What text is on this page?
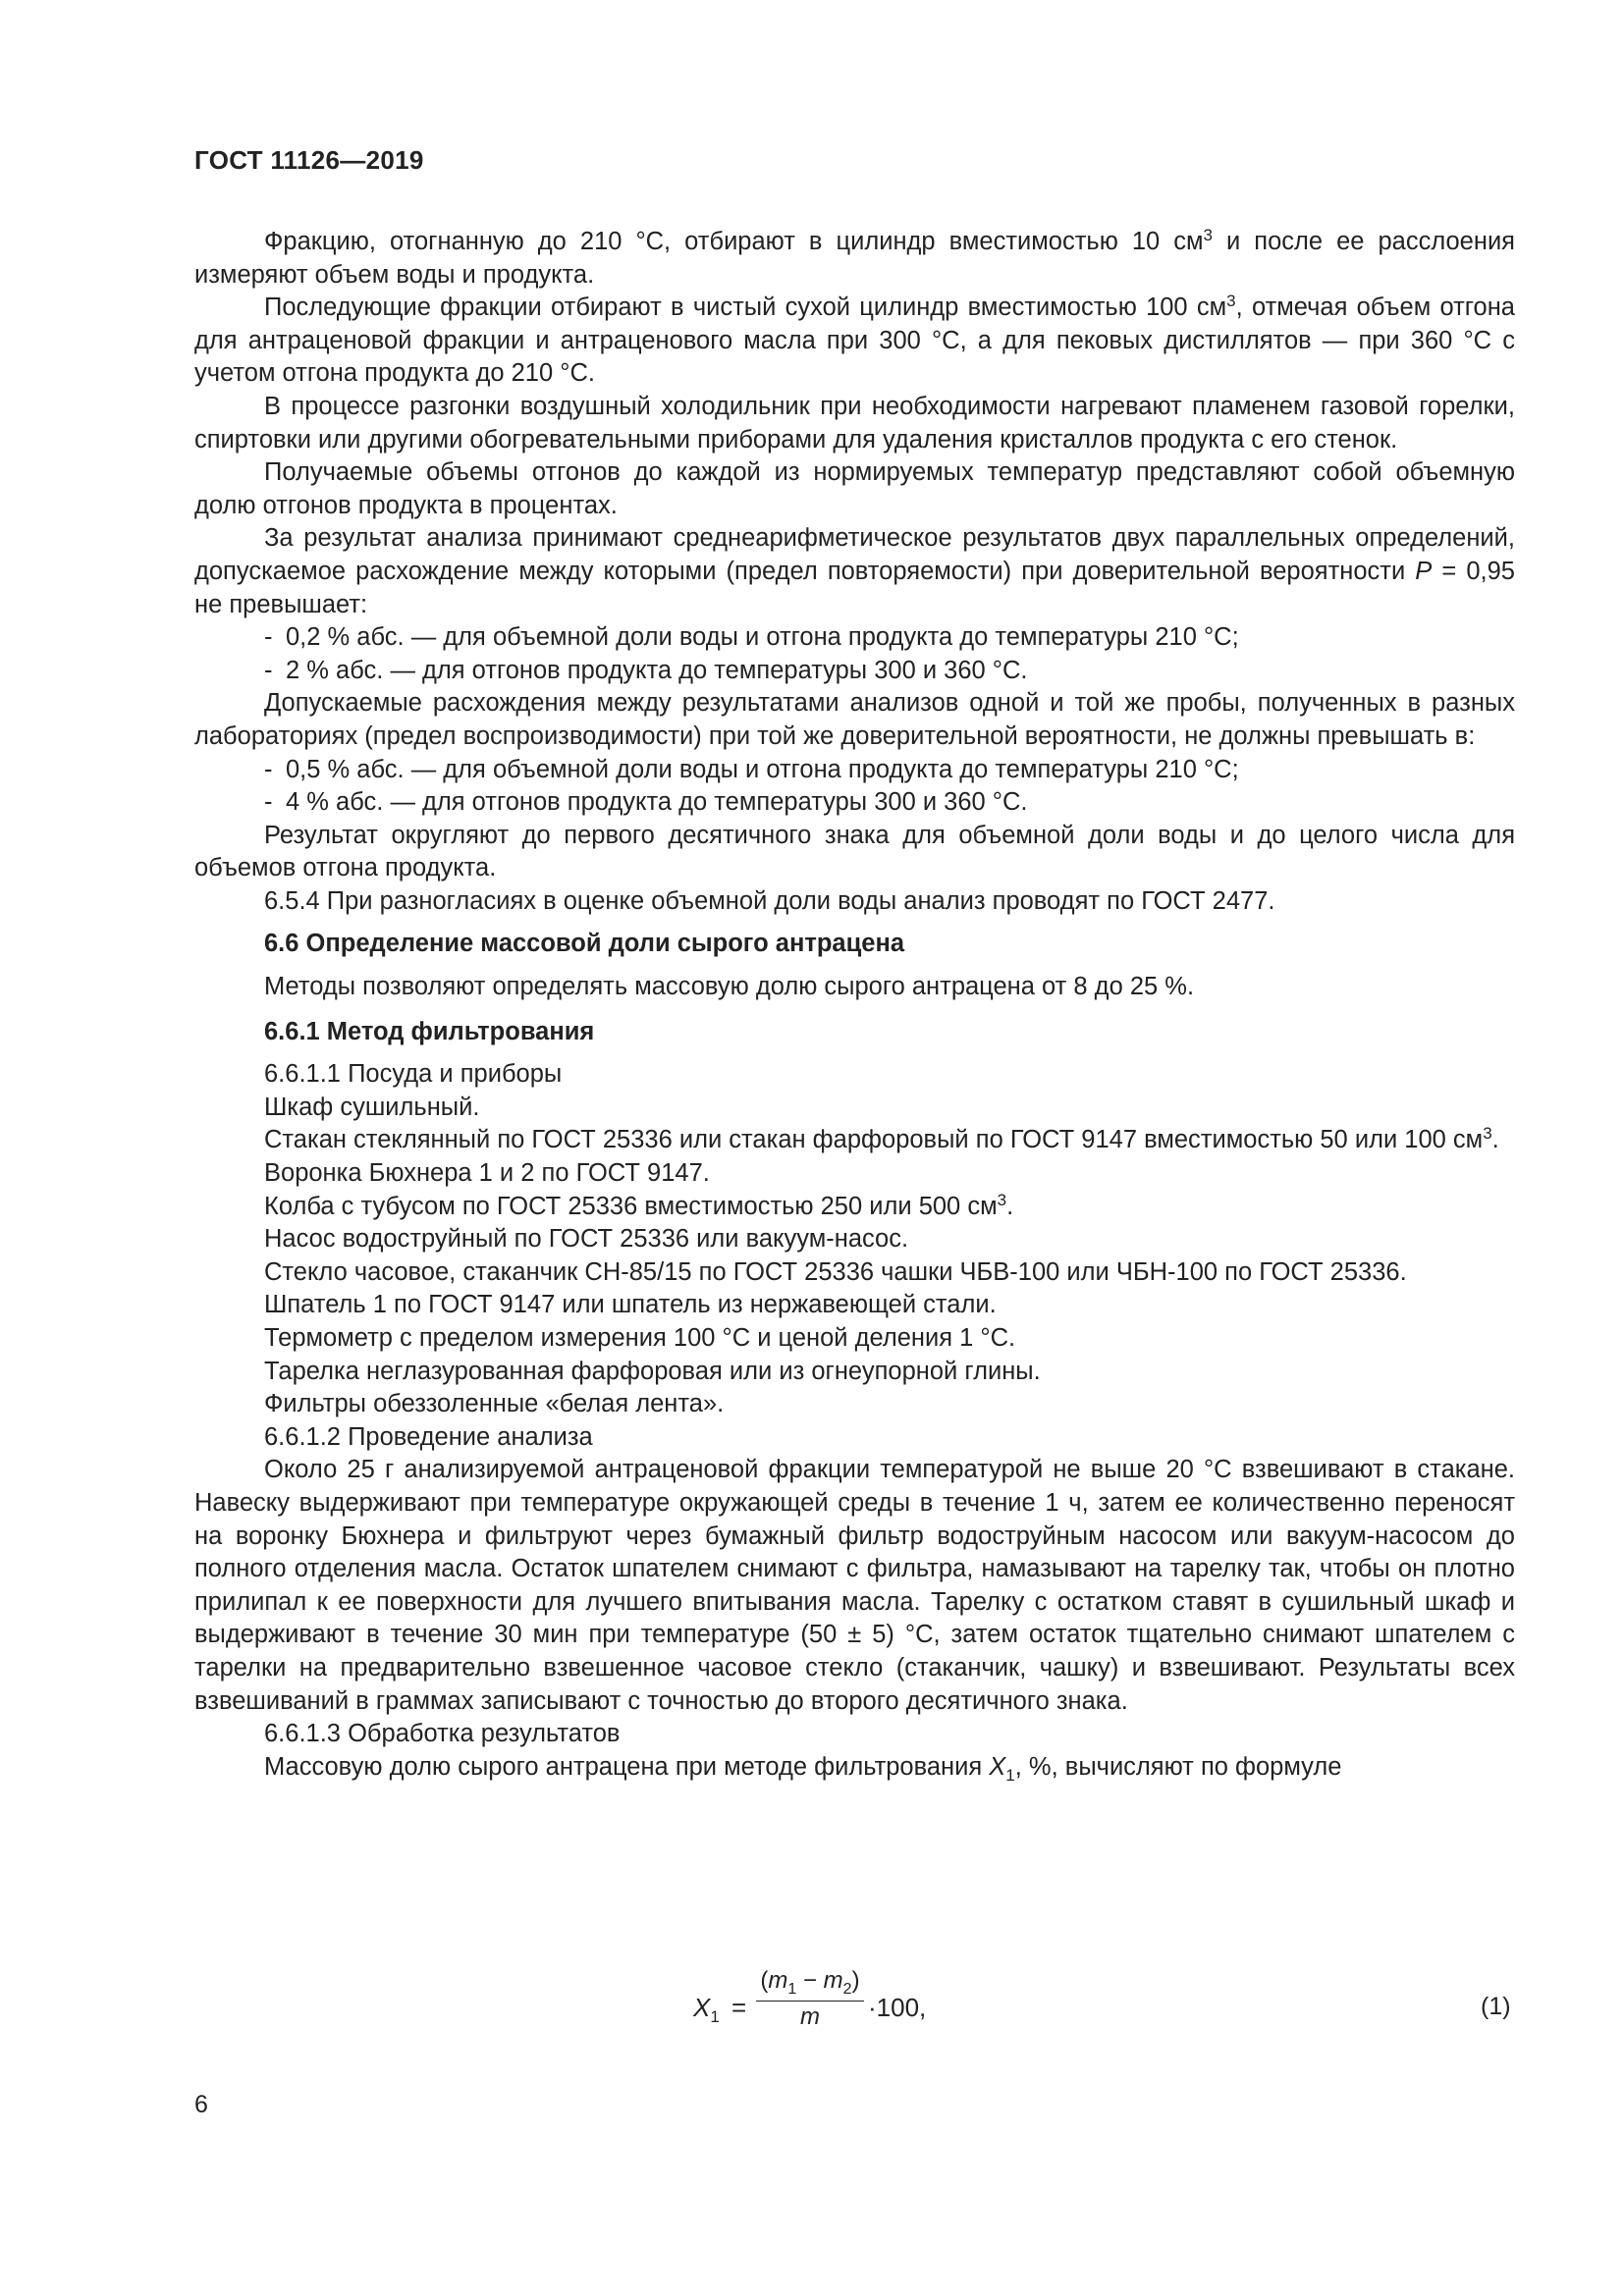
ГОСТ 11126—2019

Фракцию, отогнанную до 210 °С, отбирают в цилиндр вместимостью 10 $см^3$ и после ее расслоения измеряют объем воды и продукта.

Последующие фракции отбирают в чистый сухой цилиндр вместимостью 100 $см^3$, отмечая объем отгона для антраценовой фракции и антраценового масла при 300 °С, а для пековых дистиллятов — при 360 °С с учетом отгона продукта до 210 °С.

В процессе разгонки воздушный холодильник при необходимости нагревают пламенем газовой горелки, спиртовки или другими обогревательными приборами для удаления кристаллов продукта с его стенок.

Получаемые объемы отгонов до каждой из нормируемых температур представляют собой объемную долю отгонов продукта в процентах.

За результат анализа принимают среднеарифметическое результатов двух параллельных определений, допускаемое расхождение между которыми (предел повторяемости) при доверительной вероятности P = 0,95 не превышает:

- 0,2 % абс. — для объемной доли воды и отгона продукта до температуры 210 °С;
- 2 % абс. — для отгонов продукта до температуры 300 и 360 °С.

Допускаемые расхождения между результатами анализов одной и той же пробы, полученных в разных лабораториях (предел воспроизводимости) при той же доверительной вероятности, не должны превышать в:

- 0,5 % абс. — для объемной доли воды и отгона продукта до температуры 210 °С;
- 4 % абс. — для отгонов продукта до температуры 300 и 360 °С.

Результат округляют до первого десятичного знака для объемной доли воды и до целого числа для объемов отгона продукта.

6.5.4 При разногласиях в оценке объемной доли воды анализ проводят по ГОСТ 2477.

6.6 Определение массовой доли сырого антрацена

Методы позволяют определять массовую долю сырого антрацена от 8 до 25 %.

6.6.1 Метод фильтрования

6.6.1.1 Посуда и приборы

Шкаф сушильный.

Стакан стеклянный по ГОСТ 25336 или стакан фарфоровый по ГОСТ 9147 вместимостью 50 или 100 $см^3$.

Воронка Бюхнера 1 и 2 по ГОСТ 9147.

Колба с тубусом по ГОСТ 25336 вместимостью 250 или 500 $см^3$.

Насос водоструйный по ГОСТ 25336 или вакуум-насос.

Стекло часовое, стаканчик СН-85/15 по ГОСТ 25336 чашки ЧБВ-100 или ЧБН-100 по ГОСТ 25336.

Шпатель 1 по ГОСТ 9147 или шпатель из нержавеющей стали.

Термометр с пределом измерения 100 °С и ценой деления 1 °С.

Тарелка неглазурованная фарфоровая или из огнеупорной глины.

Фильтры обеззоленные «белая лента».

6.6.1.2 Проведение анализа

Около 25 г анализируемой антраценовой фракции температурой не выше 20 °С взвешивают в стакане. Навеску выдерживают при температуре окружающей среды в течение 1 ч, затем ее количественно переносят на воронку Бюхнера и фильтруют через бумажный фильтр водоструйным насосом или вакуум-насосом до полного отделения масла. Остаток шпателем снимают с фильтра, намазывают на тарелку так, чтобы он плотно прилипал к ее поверхности для лучшего впитывания масла. Тарелку с остатком ставят в сушильный шкаф и выдерживают в течение 30 мин при температуре (50 ± 5) °С, затем остаток тщательно снимают шпателем с тарелки на предварительно взвешенное часовое стекло (стаканчик, чашку) и взвешивают. Результаты всех взвешиваний в граммах записывают с точностью до второго десятичного знака.

6.6.1.3 Обработка результатов

Массовую долю сырого антрацена при методе фильтрования $X_1$, %, вычисляют по формуле

$X_1 = \frac{(m_1 - m_2)}{m} \cdot 100$,	(1)
6
